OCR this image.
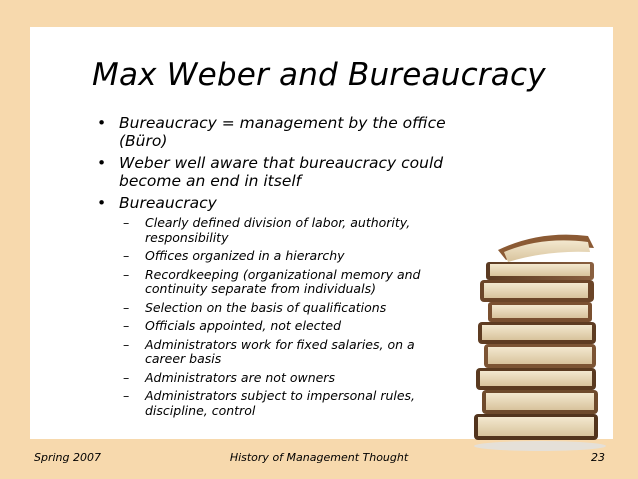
Max Weber and Bureaucracy
• Bureaucracy = management by the office (Büro)
• Weber well aware that bureaucracy could become an end in itself
• Bureaucracy
– Clearly defined division of labor, authority, responsibility
– Offices organized in a hierarchy
– Recordkeeping (organizational memory and continuity separate from individuals)
– Selection on the basis of qualifications
– Officials appointed, not elected
– Administrators work for fixed salaries, on a career basis
– Administrators are not owners
– Administrators subject to impersonal rules, discipline, control
Spring 2007	History of Management Thought	23
